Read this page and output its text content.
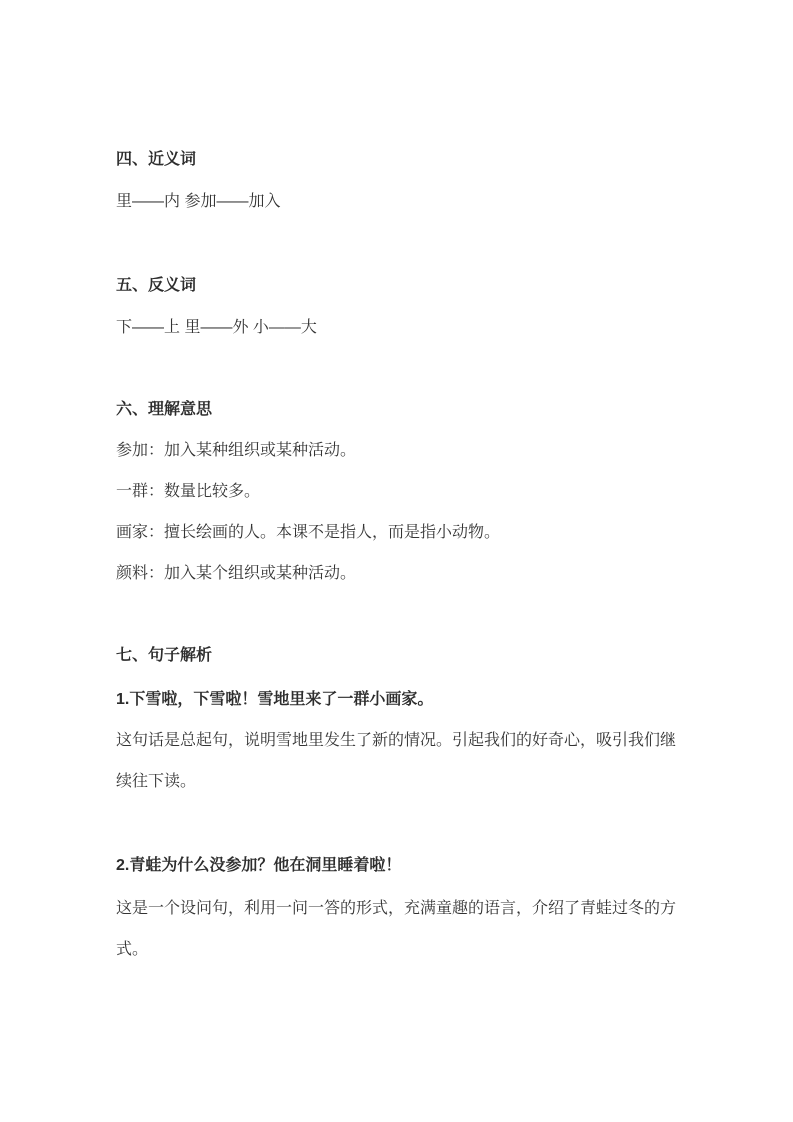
四、近义词

里——内 参加——加入

五、反义词

下——上 里——外 小——大

六、理解意思

参加：加入某种组织或某种活动。

一群：数量比较多。

画家：擅长绘画的人。本课不是指人，而是指小动物。

颜料：加入某个组织或某种活动。

七、句子解析

1.下雪啦，下雪啦！雪地里来了一群小画家。

这句话是总起句，说明雪地里发生了新的情况。引起我们的好奇心，吸引我们继续往下读。

2.青蛙为什么没参加？他在洞里睡着啦！

这是一个设问句，利用一问一答的形式，充满童趣的语言，介绍了青蛙过冬的方式。
